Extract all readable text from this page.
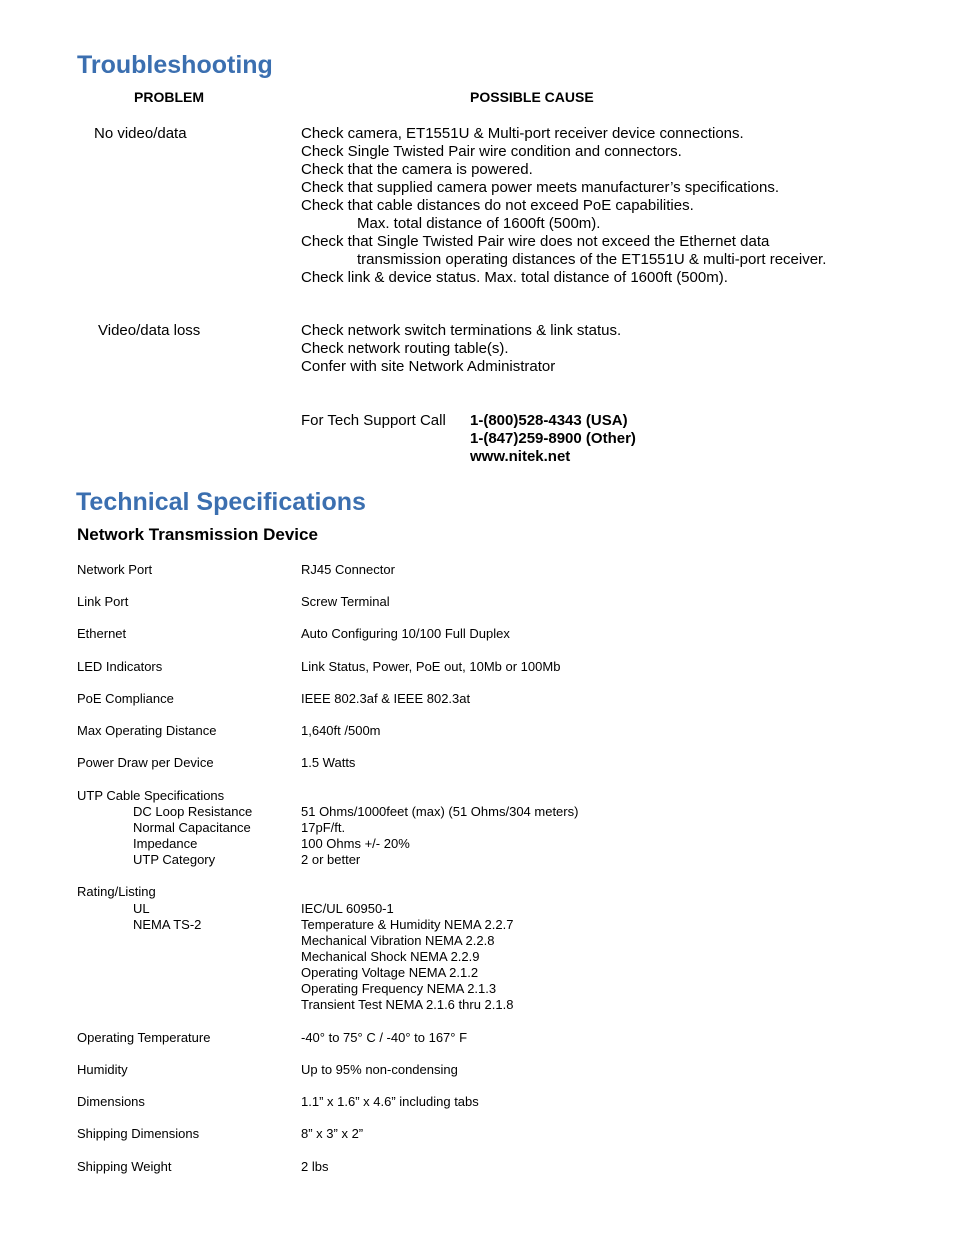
Troubleshooting
PROBLEM	POSSIBLE CAUSE
No video/data	Check camera, ET1551U & Multi-port receiver device connections.
Check Single Twisted Pair wire condition and connectors.
Check that the camera is powered.
Check that supplied camera power meets manufacturer’s specifications.
Check that cable distances do not exceed PoE capabilities.
Max. total distance of 1600ft (500m).
Check that Single Twisted Pair wire does not exceed the Ethernet data
transmission operating distances of the ET1551U & multi-port receiver.
Check link & device status. Max. total distance of 1600ft (500m).
Video/data loss	Check network switch terminations & link status.
Check network routing table(s).
Confer with site Network Administrator
For Tech Support Call 1-(800)528-4343 (USA)
1-(847)259-8900 (Other)
www.nitek.net
Technical Specifications
Network Transmission Device
Network Port	RJ45 Connector
Link Port	Screw Terminal
Ethernet	Auto Configuring 10/100 Full Duplex
LED Indicators	Link Status, Power, PoE out, 10Mb or 100Mb
PoE Compliance	IEEE 802.3af & IEEE 802.3at
Max Operating Distance	1,640ft /500m
Power Draw per Device	1.5 Watts
UTP Cable Specifications
DC Loop Resistance	51 Ohms/1000feet (max) (51 Ohms/304 meters)
Normal Capacitance	17pF/ft.
Impedance	100 Ohms +/- 20%
UTP Category	2 or better
Rating/Listing
UL	IEC/UL 60950-1
NEMA TS-2	Temperature & Humidity NEMA 2.2.7
Mechanical Vibration NEMA 2.2.8
Mechanical Shock NEMA 2.2.9
Operating Voltage NEMA 2.1.2
Operating Frequency NEMA 2.1.3
Transient Test NEMA 2.1.6 thru 2.1.8
Operating Temperature	-40° to 75° C / -40° to 167° F
Humidity	Up to 95% non-condensing
Dimensions	1.1” x 1.6” x 4.6” including tabs
Shipping Dimensions	8” x 3” x 2”
Shipping Weight	2 lbs
